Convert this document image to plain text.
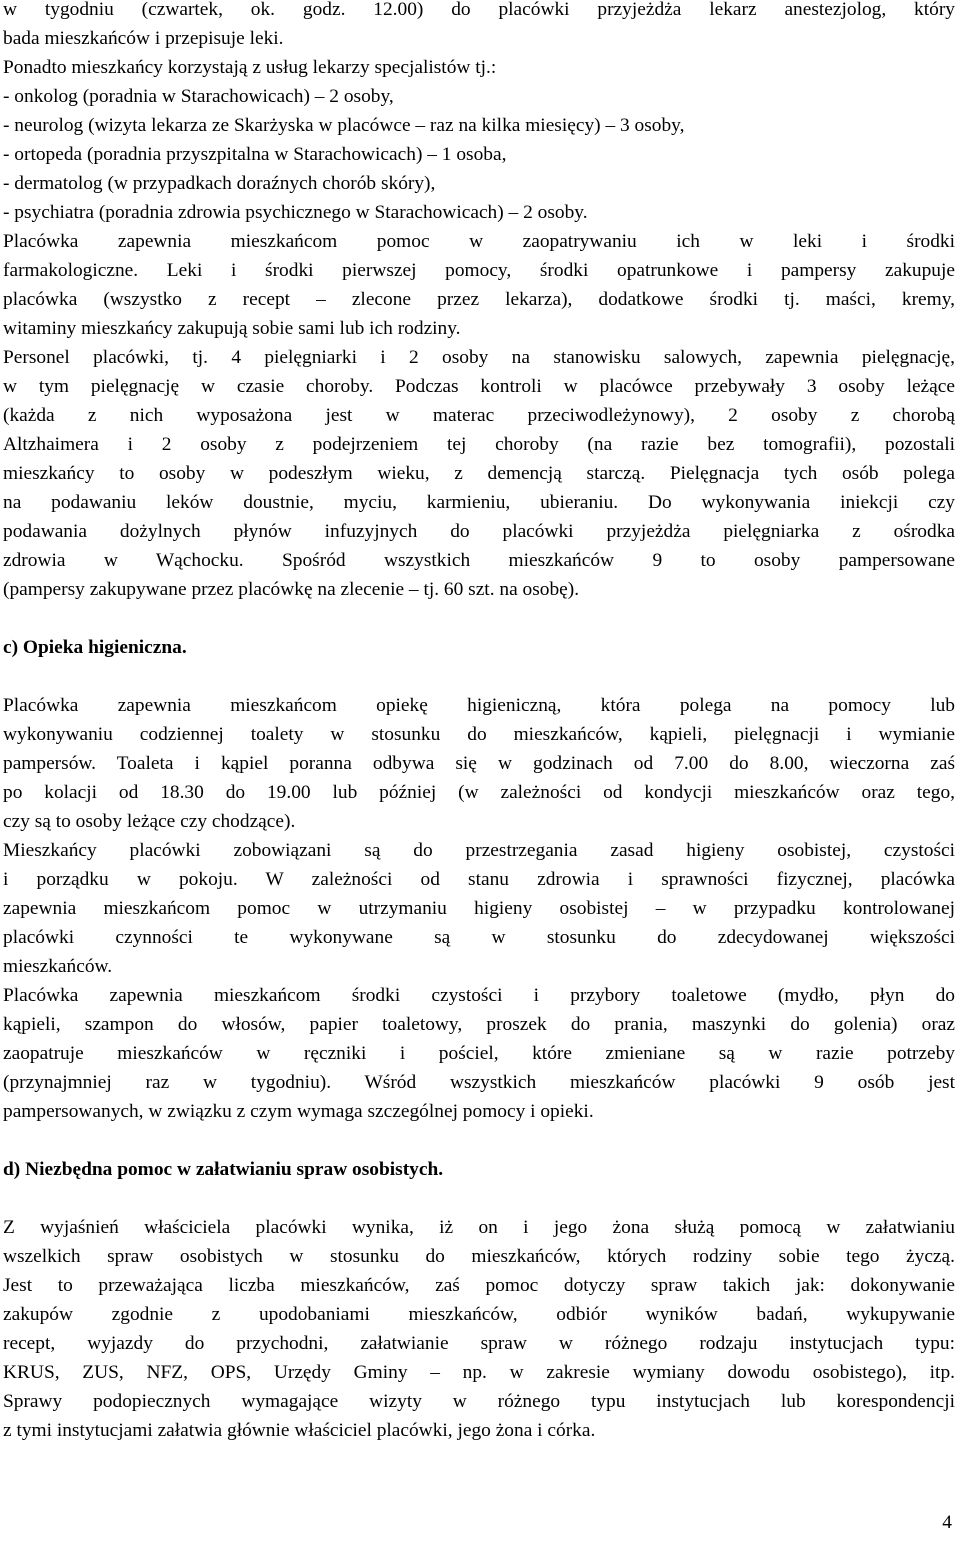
w tygodniu (czwartek, ok. godz. 12.00) do placówki przyjeżdża lekarz anestezjolog, który
bada mieszkańców i przepisuje leki.
Ponadto mieszkańcy korzystają z usług lekarzy specjalistów tj.:
- onkolog (poradnia w Starachowicach) – 2 osoby,
- neurolog (wizyta lekarza ze Skarżyska w placówce – raz na kilka miesięcy) – 3 osoby,
- ortopeda (poradnia przyszpitalna w Starachowicach) – 1 osoba,
- dermatolog (w przypadkach doraźnych chorób skóry),
- psychiatra (poradnia zdrowia psychicznego w Starachowicach) – 2 osoby.
Placówka zapewnia mieszkańcom pomoc w zaopatrywaniu ich w leki i środki
farmakologiczne. Leki i środki pierwszej pomocy, środki opatrunkowe i pampersy zakupuje
placówka (wszystko z recept – zlecone przez lekarza), dodatkowe środki tj. maści, kremy,
witaminy mieszkańcy zakupują sobie sami lub ich rodziny.
Personel placówki, tj. 4 pielęgniarki i 2 osoby na stanowisku salowych, zapewnia pielęgnację,
w tym pielęgnację w czasie choroby. Podczas kontroli w placówce przebywały 3 osoby leżące
(każda z nich wyposażona jest w materac przeciwodleżynowy), 2 osoby z chorobą
Altzhaimera i 2 osoby z podejrzeniem tej choroby (na razie bez tomografii), pozostali
mieszkańcy to osoby w podeszłym wieku, z demencją starczą. Pielęgnacja tych osób polega
na podawaniu leków doustnie, myciu, karmieniu, ubieraniu. Do wykonywania iniekcji czy
podawania dożylnych płynów infuzyjnych do placówki przyjeżdża pielęgniarka z ośrodka
zdrowia w Wąchocku. Spośród wszystkich mieszkańców 9 to osoby pampersowane
(pampersy zakupywane przez placówkę na zlecenie – tj. 60 szt. na osobę).
c) Opieka higieniczna.
Placówka zapewnia mieszkańcom opiekę higieniczną, która polega na pomocy lub
wykonywaniu codziennej toalety w stosunku do mieszkańców, kąpieli, pielęgnacji i wymianie
pampersów. Toaleta i kąpiel poranna odbywa się w godzinach od 7.00 do 8.00, wieczorna zaś
po kolacji od 18.30 do 19.00 lub później (w zależności od kondycji mieszkańców oraz tego,
czy są to osoby leżące czy chodzące).
Mieszkańcy placówki zobowiązani są do przestrzegania zasad higieny osobistej, czystości
i porządku w pokoju. W zależności od stanu zdrowia i sprawności fizycznej, placówka
zapewnia mieszkańcom pomoc w utrzymaniu higieny osobistej – w przypadku kontrolowanej
placówki czynności te wykonywane są w stosunku do zdecydowanej większości
mieszkańców.
Placówka zapewnia mieszkańcom środki czystości i przybory toaletowe (mydło, płyn do
kąpieli, szampon do włosów, papier toaletowy, proszek do prania, maszynki do golenia) oraz
zaopatruje mieszkańców w ręczniki i pościel, które zmieniane są w razie potrzeby
(przynajmniej raz w tygodniu). Wśród wszystkich mieszkańców placówki 9 osób jest
pampersowanych, w związku z czym wymaga szczególnej pomocy i opieki.
d) Niezbędna pomoc w załatwianiu spraw osobistych.
Z wyjaśnień właściciela placówki wynika, iż on i jego żona służą pomocą w załatwianiu
wszelkich spraw osobistych w stosunku do mieszkańców, których rodziny sobie tego życzą.
Jest to przeważająca liczba mieszkańców, zaś pomoc dotyczy spraw takich jak: dokonywanie
zakupów zgodnie z upodobaniami mieszkańców, odbiór wyników badań, wykupywanie
recept, wyjazdy do przychodni, załatwianie spraw w różnego rodzaju instytucjach typu:
KRUS, ZUS, NFZ, OPS, Urzędy Gminy – np. w zakresie wymiany dowodu osobistego), itp.
Sprawy podopiecznych wymagające wizyty w różnego typu instytucjach lub korespondencji
z tymi instytucjami załatwia głównie właściciel placówki, jego żona i córka.
4
